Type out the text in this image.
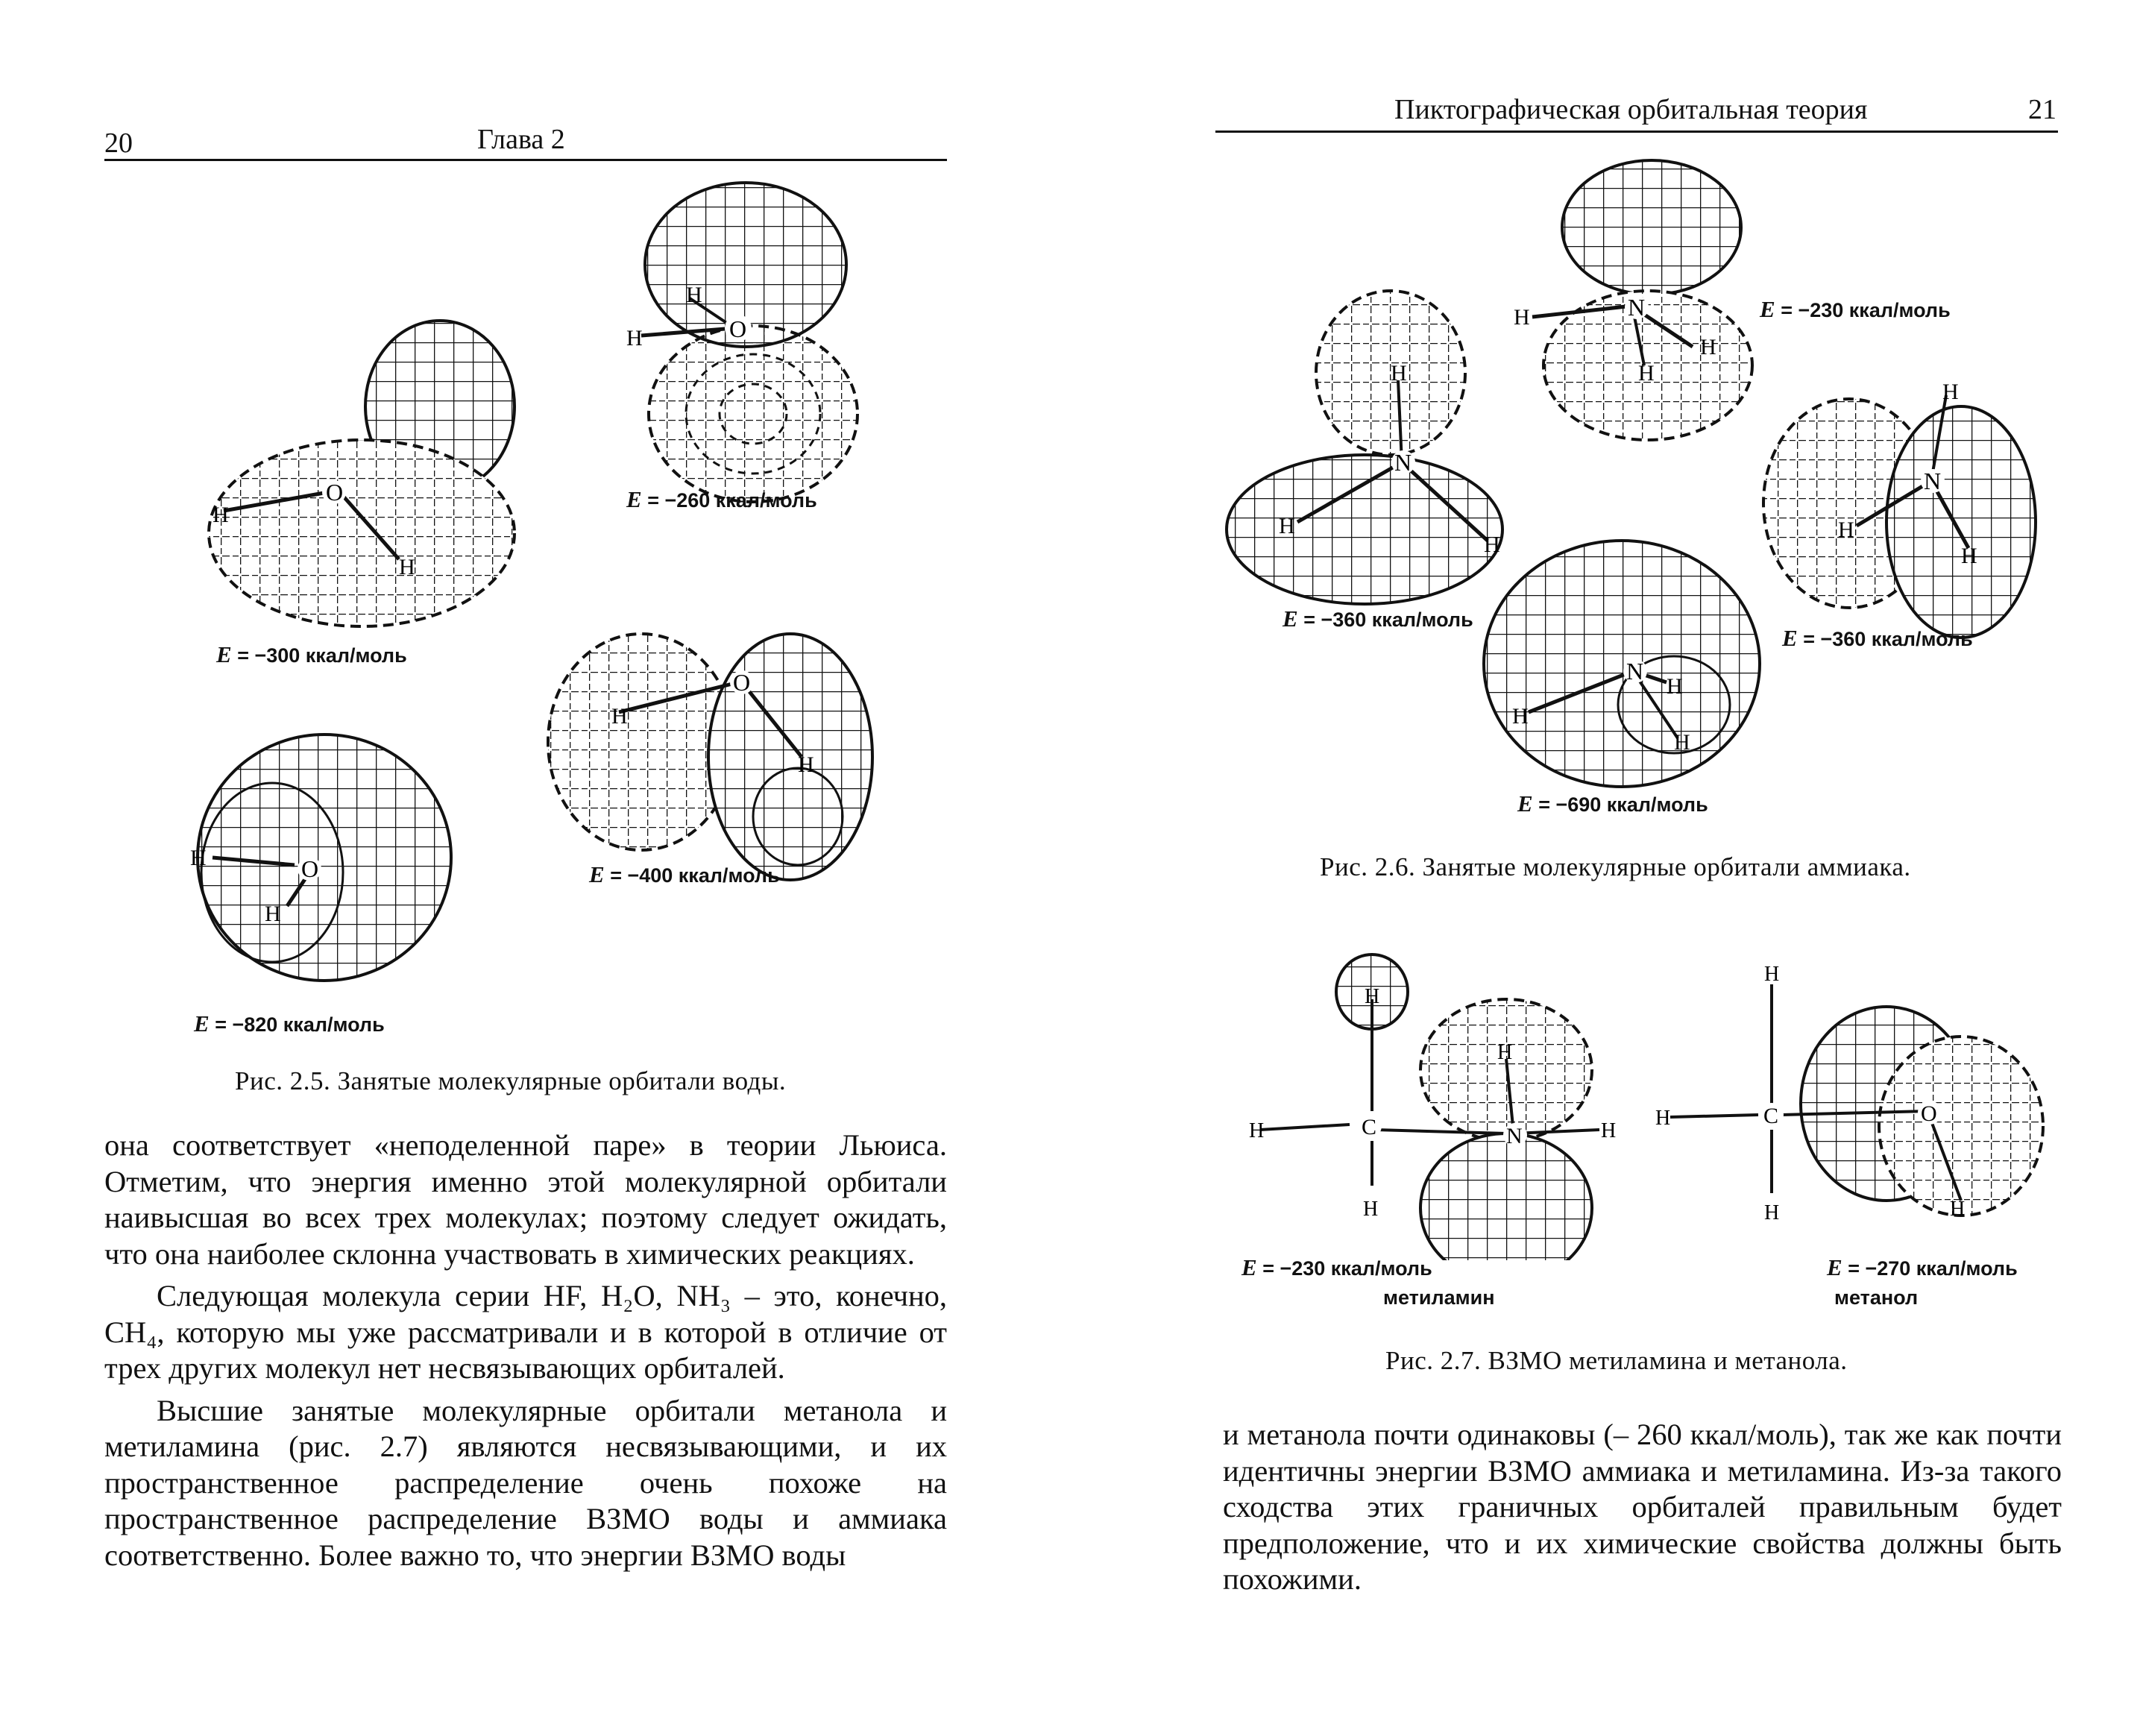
20	Глава 2
O
H
H
O
H
H
O
H
H
O
H
H
E = −260 ккал/моль
E = −300 ккал/моль
E = −400 ккал/моль
E = −820 ккал/моль
Рис. 2.5. Занятые молекулярные орбитали воды.

она соответствует «неподеленной паре» в теории Льюиса. Отметим, что энергия именно этой молекулярной орбитали наивысшая во всех трех молекулах; поэтому следует ожидать, что она наиболее склонна участвовать в химических реакциях.

Следующая молекула серии HF, H₂O, NH₃ – это, конечно, CH₄, которую мы уже рассматривали и в которой в отличие от трех других молекул нет несвязывающих орбиталей.

Высшие занятые молекулярные орбитали метанола и метиламина (рис. 2.7) являются несвязывающими, и их пространственное распределение очень похоже на пространственное распределение ВЗМО воды и аммиака соответственно. Более важно то, что энергии ВЗМО воды

Пиктографическая орбитальная теория	21
N
H
H
H
N
H
H
H
N
H
H
H
N
H
H
H
E = −230 ккал/моль
E = −360 ккал/моль
E = −360 ккал/моль
E = −690 ккал/моль
Рис. 2.6. Занятые молекулярные орбитали аммиака.
N
C
H
H
H
H
H
C	O
H
H
H	H
E = −230 ккал/моль
метиламин
E = −270 ккал/моль
метанол
Рис. 2.7. ВЗМО метиламина и метанола.

и метанола почти одинаковы (– 260 ккал/моль), так же как почти идентичны энергии ВЗМО аммиака и метиламина. Из-за такого сходства этих граничных орбиталей правильным будет предположение, что и их химические свойства должны быть похожими.
